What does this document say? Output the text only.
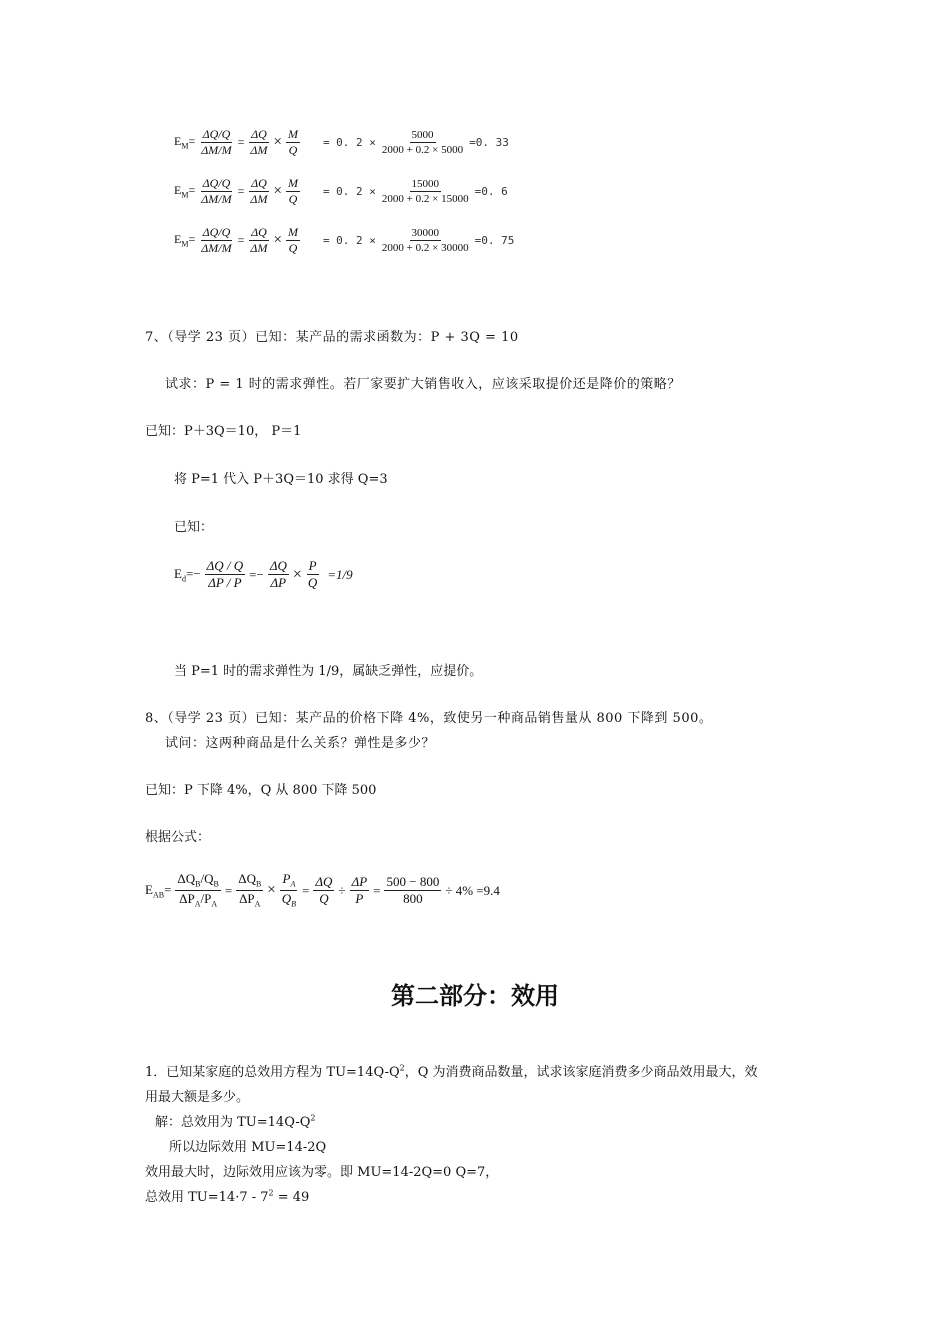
$E_M= \frac{\Delta Q/Q}{\Delta M/M} = \frac{\Delta Q}{\Delta M} \times \frac{M}{Q} = 0$. $2 \times \frac{5000}{2000 + 0.2 \times 5000} =0$. 33
$E_M= \frac{\Delta Q/Q}{\Delta M/M} = \frac{\Delta Q}{\Delta M} \times \frac{M}{Q} = 0$. $2 \times \frac{15000}{2000 + 0.2 \times 15000} =0$. 6
$E_M= \frac{\Delta Q/Q}{\Delta M/M} = \frac{\Delta Q}{\Delta M} \times \frac{M}{Q} = 0$. $2 \times \frac{30000}{2000 + 0.2 \times 30000} =0$. 75
7、（导学 23 页）已知：某产品的需求函数为：P + 3Q = 10
试求：P = 1 时的需求弹性。若厂家要扩大销售收入，应该采取提价还是降价的策略？
已知：P＋3Q＝10， P＝1
将 P=1 代入 P＋3Q＝10 求得 Q=3
已知：
$E_d=- \frac{\Delta Q / Q}{\Delta P / P} =- \frac{\Delta Q}{\Delta P} \times \frac{P}{Q} =1/9$
当 P=1 时的需求弹性为 1/9，属缺乏弹性，应提价。
8、（导学 23 页）已知：某产品的价格下降 4%，致使另一种商品销售量从 800 下降到 500。
试问：这两种商品是什么关系？弹性是多少？
已知：P 下降 4%，Q 从 800 下降 500
根据公式：
$E_{AB}= \frac{\Delta Q_B/Q_B}{\Delta P_A/P_A} = \frac{\Delta Q_B}{\Delta P_A} \times \frac{P_A}{Q_B} = \frac{\Delta Q}{Q} \div \frac{\Delta P}{P} = \frac{500 - 800}{800} \div 4\% =9.4$
第二部分：效用
1．已知某家庭的总效用方程为 $TU=14Q-Q^2$，Q 为消费商品数量，试求该家庭消费多少商品效用最大，效
用最大额是多少。
解：总效用为 $TU=14Q-Q^2$
所以边际效用 MU=14-2Q
效用最大时，边际效用应该为零。即 MU=14-2Q=0 Q=7，
总效用 $TU=14\cdot 7 - 7^2 = 49$
